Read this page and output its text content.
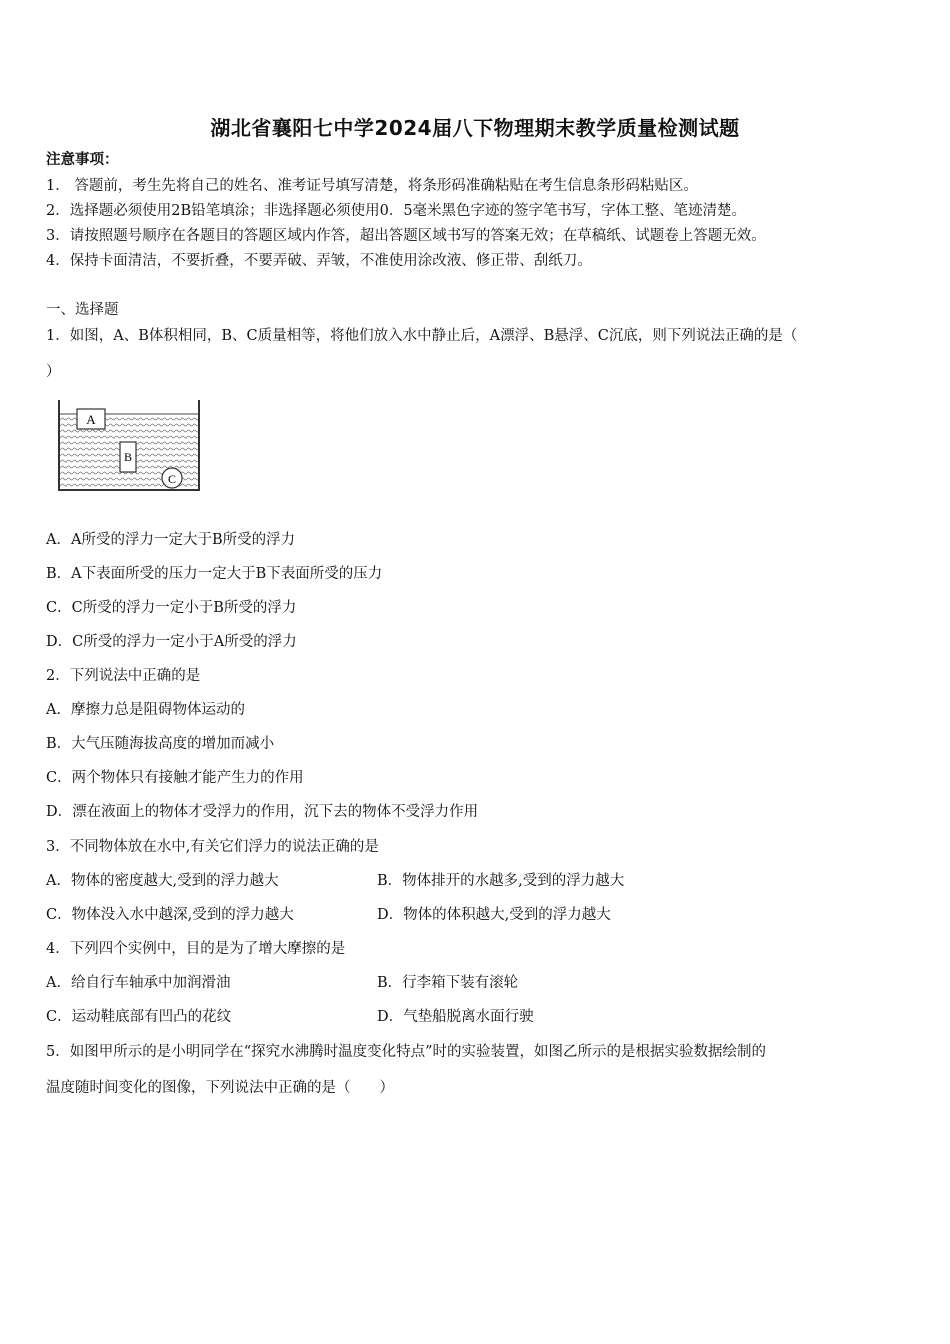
湖北省襄阳七中学2024届八下物理期末教学质量检测试题
注意事项：
1． 答题前，考生先将自己的姓名、准考证号填写清楚，将条形码准确粘贴在考生信息条形码粘贴区。
2．选择题必须使用2B铅笔填涂；非选择题必须使用0．5毫米黑色字迹的签字笔书写，字体工整、笔迹清楚。
3．请按照题号顺序在各题目的答题区域内作答，超出答题区域书写的答案无效；在草稿纸、试题卷上答题无效。
4．保持卡面清洁，不要折叠，不要弄破、弄皱，不准使用涂改液、修正带、刮纸刀。
一、选择题
1．如图，A、B体积相同，B、C质量相等，将他们放入水中静止后，A漂浮、B悬浮、C沉底，则下列说法正确的是（
）
A
B
C
A．A所受的浮力一定大于B所受的浮力
B．A下表面所受的压力一定大于B下表面所受的压力
C．C所受的浮力一定小于B所受的浮力
D．C所受的浮力一定小于A所受的浮力
2．下列说法中正确的是
A．摩擦力总是阻碍物体运动的
B．大气压随海拔高度的增加而减小
C．两个物体只有接触才能产生力的作用
D．漂在液面上的物体才受浮力的作用，沉下去的物体不受浮力作用
3．不同物体放在水中,有关它们浮力的说法正确的是
A．物体的密度越大,受到的浮力越大	B．物体排开的水越多,受到的浮力越大
C．物体没入水中越深,受到的浮力越大	D．物体的体积越大,受到的浮力越大
4．下列四个实例中，目的是为了增大摩擦的是
A．给自行车轴承中加润滑油	B．行李箱下装有滚轮
C．运动鞋底部有凹凸的花纹	D．气垫船脱离水面行驶
5．如图甲所示的是小明同学在“探究水沸腾时温度变化特点”时的实验装置，如图乙所示的是根据实验数据绘制的
温度随时间变化的图像，下列说法中正确的是（　　）
